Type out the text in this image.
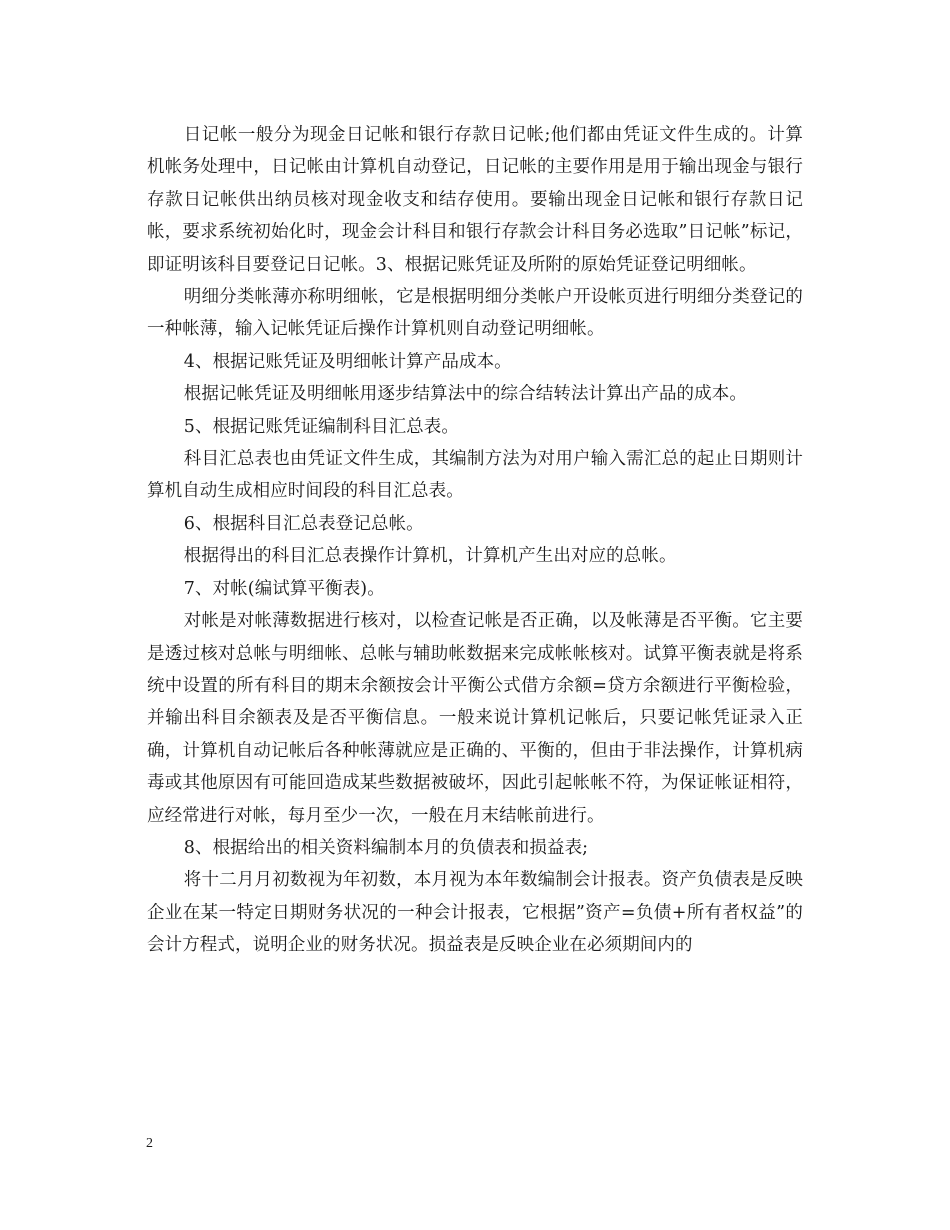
日记帐一般分为现金日记帐和银行存款日记帐;他们都由凭证文件生成的。计算机帐务处理中，日记帐由计算机自动登记，日记帐的主要作用是用于输出现金与银行存款日记帐供出纳员核对现金收支和结存使用。要输出现金日记帐和银行存款日记帐，要求系统初始化时，现金会计科目和银行存款会计科目务必选取”日记帐”标记，即证明该科目要登记日记帐。3、根据记账凭证及所附的原始凭证登记明细帐。

明细分类帐薄亦称明细帐，它是根据明细分类帐户开设帐页进行明细分类登记的一种帐薄，输入记帐凭证后操作计算机则自动登记明细帐。

4、根据记账凭证及明细帐计算产品成本。

根据记帐凭证及明细帐用逐步结算法中的综合结转法计算出产品的成本。

5、根据记账凭证编制科目汇总表。

科目汇总表也由凭证文件生成，其编制方法为对用户输入需汇总的起止日期则计算机自动生成相应时间段的科目汇总表。

6、根据科目汇总表登记总帐。

根据得出的科目汇总表操作计算机，计算机产生出对应的总帐。

7、对帐(编试算平衡表)。

对帐是对帐薄数据进行核对，以检查记帐是否正确，以及帐薄是否平衡。它主要是透过核对总帐与明细帐、总帐与辅助帐数据来完成帐帐核对。试算平衡表就是将系统中设置的所有科目的期末余额按会计平衡公式借方余额=贷方余额进行平衡检验，并输出科目余额表及是否平衡信息。一般来说计算机记帐后，只要记帐凭证录入正确，计算机自动记帐后各种帐薄就应是正确的、平衡的，但由于非法操作，计算机病毒或其他原因有可能回造成某些数据被破坏，因此引起帐帐不符，为保证帐证相符，应经常进行对帐，每月至少一次，一般在月末结帐前进行。

8、根据给出的相关资料编制本月的负债表和损益表;

将十二月月初数视为年初数，本月视为本年数编制会计报表。资产负债表是反映企业在某一特定日期财务状况的一种会计报表，它根据”资产=负债+所有者权益”的会计方程式，说明企业的财务状况。损益表是反映企业在必须期间内的

2
